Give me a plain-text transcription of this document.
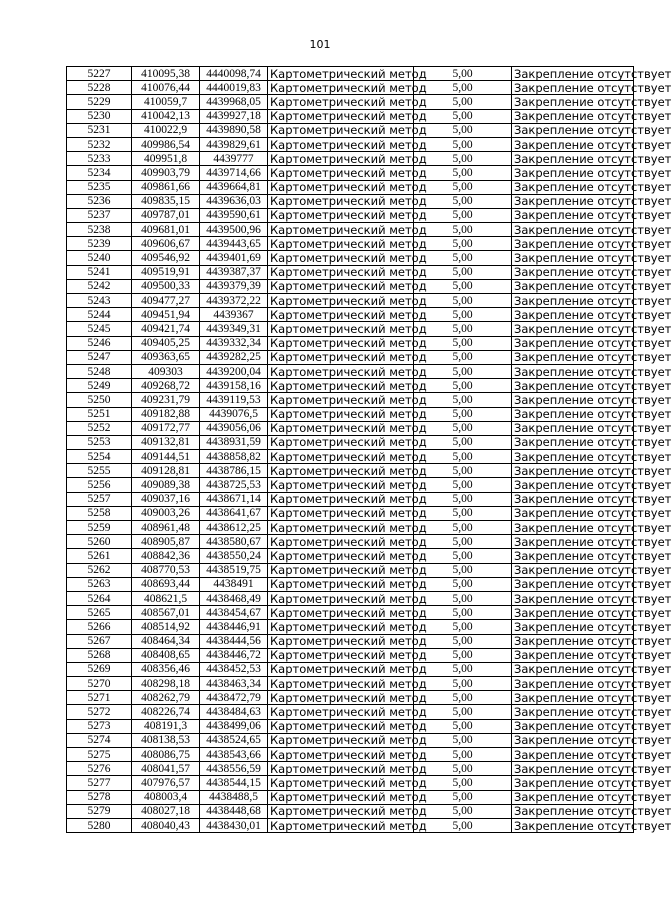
101
5227	410095,38	4440098,74	Картометрический метод	5,00	Закрепление отсутствует
5228	410076,44	4440019,83	Картометрический метод	5,00	Закрепление отсутствует
5229	410059,7	4439968,05	Картометрический метод	5,00	Закрепление отсутствует
5230	410042,13	4439927,18	Картометрический метод	5,00	Закрепление отсутствует
5231	410022,9	4439890,58	Картометрический метод	5,00	Закрепление отсутствует
5232	409986,54	4439829,61	Картометрический метод	5,00	Закрепление отсутствует
5233	409951,8	4439777	Картометрический метод	5,00	Закрепление отсутствует
5234	409903,79	4439714,66	Картометрический метод	5,00	Закрепление отсутствует
5235	409861,66	4439664,81	Картометрический метод	5,00	Закрепление отсутствует
5236	409835,15	4439636,03	Картометрический метод	5,00	Закрепление отсутствует
5237	409787,01	4439590,61	Картометрический метод	5,00	Закрепление отсутствует
5238	409681,01	4439500,96	Картометрический метод	5,00	Закрепление отсутствует
5239	409606,67	4439443,65	Картометрический метод	5,00	Закрепление отсутствует
5240	409546,92	4439401,69	Картометрический метод	5,00	Закрепление отсутствует
5241	409519,91	4439387,37	Картометрический метод	5,00	Закрепление отсутствует
5242	409500,33	4439379,39	Картометрический метод	5,00	Закрепление отсутствует
5243	409477,27	4439372,22	Картометрический метод	5,00	Закрепление отсутствует
5244	409451,94	4439367	Картометрический метод	5,00	Закрепление отсутствует
5245	409421,74	4439349,31	Картометрический метод	5,00	Закрепление отсутствует
5246	409405,25	4439332,34	Картометрический метод	5,00	Закрепление отсутствует
5247	409363,65	4439282,25	Картометрический метод	5,00	Закрепление отсутствует
5248	409303	4439200,04	Картометрический метод	5,00	Закрепление отсутствует
5249	409268,72	4439158,16	Картометрический метод	5,00	Закрепление отсутствует
5250	409231,79	4439119,53	Картометрический метод	5,00	Закрепление отсутствует
5251	409182,88	4439076,5	Картометрический метод	5,00	Закрепление отсутствует
5252	409172,77	4439056,06	Картометрический метод	5,00	Закрепление отсутствует
5253	409132,81	4438931,59	Картометрический метод	5,00	Закрепление отсутствует
5254	409144,51	4438858,82	Картометрический метод	5,00	Закрепление отсутствует
5255	409128,81	4438786,15	Картометрический метод	5,00	Закрепление отсутствует
5256	409089,38	4438725,53	Картометрический метод	5,00	Закрепление отсутствует
5257	409037,16	4438671,14	Картометрический метод	5,00	Закрепление отсутствует
5258	409003,26	4438641,67	Картометрический метод	5,00	Закрепление отсутствует
5259	408961,48	4438612,25	Картометрический метод	5,00	Закрепление отсутствует
5260	408905,87	4438580,67	Картометрический метод	5,00	Закрепление отсутствует
5261	408842,36	4438550,24	Картометрический метод	5,00	Закрепление отсутствует
5262	408770,53	4438519,75	Картометрический метод	5,00	Закрепление отсутствует
5263	408693,44	4438491	Картометрический метод	5,00	Закрепление отсутствует
5264	408621,5	4438468,49	Картометрический метод	5,00	Закрепление отсутствует
5265	408567,01	4438454,67	Картометрический метод	5,00	Закрепление отсутствует
5266	408514,92	4438446,91	Картометрический метод	5,00	Закрепление отсутствует
5267	408464,34	4438444,56	Картометрический метод	5,00	Закрепление отсутствует
5268	408408,65	4438446,72	Картометрический метод	5,00	Закрепление отсутствует
5269	408356,46	4438452,53	Картометрический метод	5,00	Закрепление отсутствует
5270	408298,18	4438463,34	Картометрический метод	5,00	Закрепление отсутствует
5271	408262,79	4438472,79	Картометрический метод	5,00	Закрепление отсутствует
5272	408226,74	4438484,63	Картометрический метод	5,00	Закрепление отсутствует
5273	408191,3	4438499,06	Картометрический метод	5,00	Закрепление отсутствует
5274	408138,53	4438524,65	Картометрический метод	5,00	Закрепление отсутствует
5275	408086,75	4438543,66	Картометрический метод	5,00	Закрепление отсутствует
5276	408041,57	4438556,59	Картометрический метод	5,00	Закрепление отсутствует
5277	407976,57	4438544,15	Картометрический метод	5,00	Закрепление отсутствует
5278	408003,4	4438488,5	Картометрический метод	5,00	Закрепление отсутствует
5279	408027,18	4438448,68	Картометрический метод	5,00	Закрепление отсутствует
5280	408040,43	4438430,01	Картометрический метод	5,00	Закрепление отсутствует
